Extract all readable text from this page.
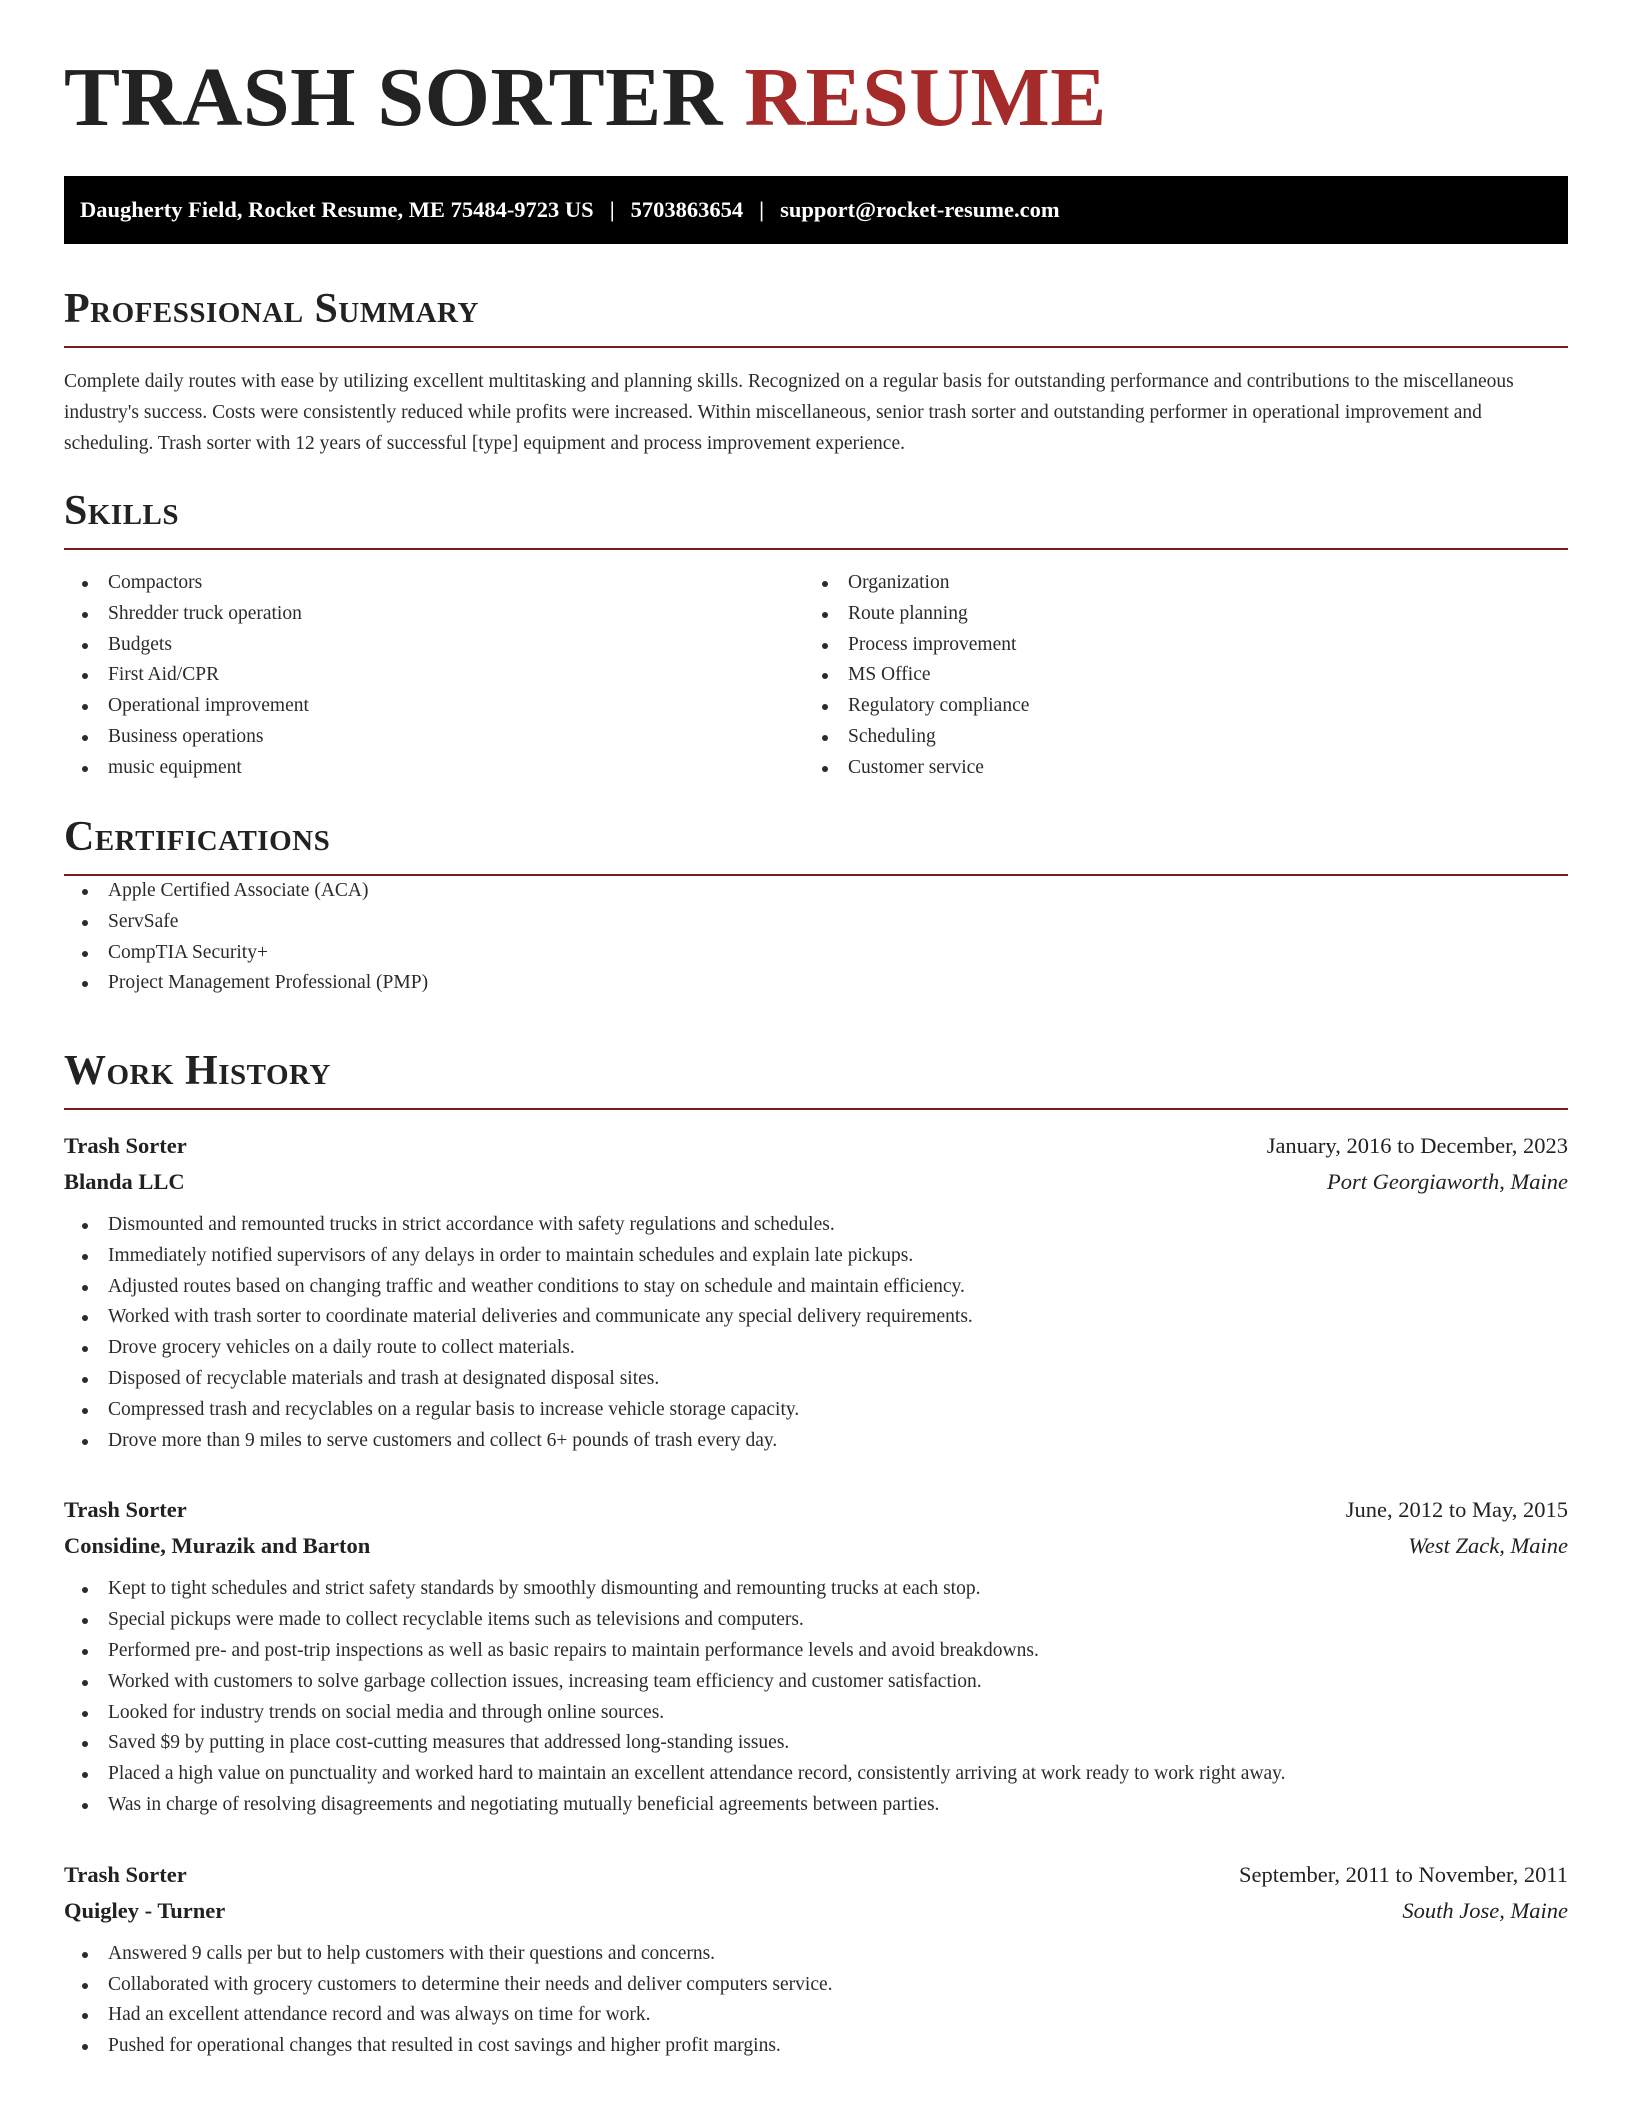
TRASH SORTER RESUME
Daugherty Field, Rocket Resume, ME 75484-9723 US | 5703863654 | support@rocket-resume.com
Professional Summary

Complete daily routes with ease by utilizing excellent multitasking and planning skills. Recognized on a regular basis for outstanding performance and contributions to the miscellaneous industry's success. Costs were consistently reduced while profits were increased. Within miscellaneous, senior trash sorter and outstanding performer in operational improvement and scheduling. Trash sorter with 12 years of successful [type] equipment and process improvement experience.

Skills
Compactors
Shredder truck operation
Budgets
First Aid/CPR
Operational improvement
Business operations
music equipment
Organization
Route planning
Process improvement
MS Office
Regulatory compliance
Scheduling
Customer service
Certifications
Apple Certified Associate (ACA)
ServSafe
CompTIA Security+
Project Management Professional (PMP)
Work History
Trash Sorter	January, 2016 to December, 2023
Blanda LLC	Port Georgiaworth, Maine
Dismounted and remounted trucks in strict accordance with safety regulations and schedules.
Immediately notified supervisors of any delays in order to maintain schedules and explain late pickups.
Adjusted routes based on changing traffic and weather conditions to stay on schedule and maintain efficiency.
Worked with trash sorter to coordinate material deliveries and communicate any special delivery requirements.
Drove grocery vehicles on a daily route to collect materials.
Disposed of recyclable materials and trash at designated disposal sites.
Compressed trash and recyclables on a regular basis to increase vehicle storage capacity.
Drove more than 9 miles to serve customers and collect 6+ pounds of trash every day.
Trash Sorter	June, 2012 to May, 2015
Considine, Murazik and Barton	West Zack, Maine
Kept to tight schedules and strict safety standards by smoothly dismounting and remounting trucks at each stop.
Special pickups were made to collect recyclable items such as televisions and computers.
Performed pre- and post-trip inspections as well as basic repairs to maintain performance levels and avoid breakdowns.
Worked with customers to solve garbage collection issues, increasing team efficiency and customer satisfaction.
Looked for industry trends on social media and through online sources.
Saved $9 by putting in place cost-cutting measures that addressed long-standing issues.
Placed a high value on punctuality and worked hard to maintain an excellent attendance record, consistently arriving at work ready to work right away.
Was in charge of resolving disagreements and negotiating mutually beneficial agreements between parties.
Trash Sorter	September, 2011 to November, 2011
Quigley - Turner	South Jose, Maine
Answered 9 calls per but to help customers with their questions and concerns.
Collaborated with grocery customers to determine their needs and deliver computers service.
Had an excellent attendance record and was always on time for work.
Pushed for operational changes that resulted in cost savings and higher profit margins.
